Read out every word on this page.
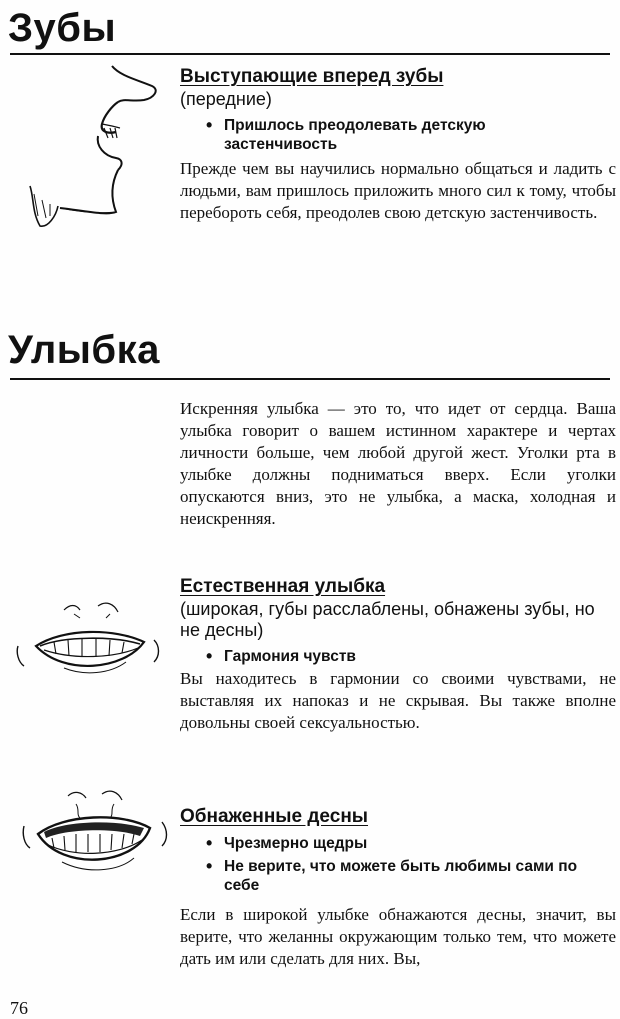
Зубы
Выступающие вперед зубы

(передние)

• Пришлось преодолевать детскую застенчивость

Прежде чем вы научились нормально общаться и ладить с людьми, вам пришлось приложить много сил к тому, чтобы перебороть себя, преодолев свою детскую застенчивость.

Улыбка

Искренняя улыбка — это то, что идет от сердца. Ваша улыбка говорит о вашем истинном характере и чертах личности больше, чем любой другой жест. Уголки рта в улыбке должны подниматься вверх. Если уголки опускаются вниз, это не улыбка, а маска, холодная и неискренняя.

Естественная улыбка

(широкая, губы расслаблены, обнажены зубы, но не десны)

• Гармония чувств

Вы находитесь в гармонии со своими чувствами, не выставляя их напоказ и не скрывая. Вы также вполне довольны своей сексуальностью.

Обнаженные десны
• Чрезмерно щедры
• Не верите, что можете быть любимы сами по себе

Если в широкой улыбке обнажаются десны, значит, вы верите, что желанны окружающим только тем, что можете дать им или сделать для них. Вы,

76
